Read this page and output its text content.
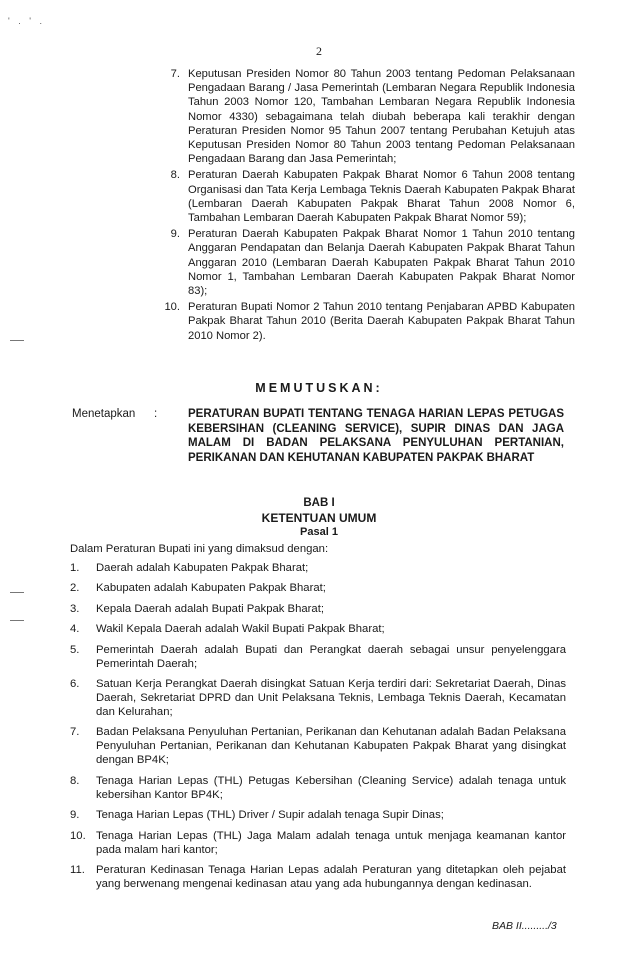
' . ' .
2
7. Keputusan Presiden Nomor 80 Tahun 2003 tentang Pedoman Pelaksanaan Pengadaan Barang / Jasa Pemerintah (Lembaran Negara Republik Indonesia Tahun 2003 Nomor 120, Tambahan Lembaran Negara Republik Indonesia Nomor 4330) sebagaimana telah diubah beberapa kali terakhir dengan Peraturan Presiden Nomor 95 Tahun 2007 tentang Perubahan Ketujuh atas Keputusan Presiden Nomor 80 Tahun 2003 tentang Pedoman Pelaksanaan Pengadaan Barang dan Jasa Pemerintah;
8. Peraturan Daerah Kabupaten Pakpak Bharat Nomor 6 Tahun 2008 tentang Organisasi dan Tata Kerja Lembaga Teknis Daerah Kabupaten Pakpak Bharat (Lembaran Daerah Kabupaten Pakpak Bharat Tahun 2008 Nomor 6, Tambahan Lembaran Daerah Kabupaten Pakpak Bharat Nomor 59);
9. Peraturan Daerah Kabupaten Pakpak Bharat Nomor 1 Tahun 2010 tentang Anggaran Pendapatan dan Belanja Daerah Kabupaten Pakpak Bharat Tahun Anggaran 2010 (Lembaran Daerah Kabupaten Pakpak Bharat Tahun 2010 Nomor 1, Tambahan Lembaran Daerah Kabupaten Pakpak Bharat Nomor 83);
10. Peraturan Bupati Nomor 2 Tahun 2010 tentang Penjabaran APBD Kabupaten Pakpak Bharat Tahun 2010 (Berita Daerah Kabupaten Pakpak Bharat Tahun 2010 Nomor 2).
MEMUTUSKAN:
Menetapkan :	PERATURAN BUPATI TENTANG TENAGA HARIAN LEPAS PETUGAS KEBERSIHAN (CLEANING SERVICE), SUPIR DINAS DAN JAGA MALAM DI BADAN PELAKSANA PENYULUHAN PERTANIAN, PERIKANAN DAN KEHUTANAN KABUPATEN PAKPAK BHARAT
BAB I
KETENTUAN UMUM
Pasal 1
Dalam Peraturan Bupati ini yang dimaksud dengan:
1.	Daerah adalah Kabupaten Pakpak Bharat;
2.	Kabupaten adalah Kabupaten Pakpak Bharat;
3.	Kepala Daerah adalah Bupati Pakpak Bharat;
4.	Wakil Kepala Daerah adalah Wakil Bupati Pakpak Bharat;
5.	Pemerintah Daerah adalah Bupati dan Perangkat daerah sebagai unsur penyelenggara Pemerintah Daerah;
6.	Satuan Kerja Perangkat Daerah disingkat Satuan Kerja terdiri dari: Sekretariat Daerah, Dinas Daerah, Sekretariat DPRD dan Unit Pelaksana Teknis, Lembaga Teknis Daerah, Kecamatan dan Kelurahan;
7.	Badan Pelaksana Penyuluhan Pertanian, Perikanan dan Kehutanan adalah Badan Pelaksana Penyuluhan Pertanian, Perikanan dan Kehutanan Kabupaten Pakpak Bharat yang disingkat dengan BP4K;
8.	Tenaga Harian Lepas (THL) Petugas Kebersihan (Cleaning Service) adalah tenaga untuk kebersihan Kantor BP4K;
9.	Tenaga Harian Lepas (THL) Driver / Supir adalah tenaga Supir Dinas;
10. Tenaga Harian Lepas (THL) Jaga Malam adalah tenaga untuk menjaga keamanan kantor pada malam hari kantor;
11. Peraturan Kedinasan Tenaga Harian Lepas adalah Peraturan yang ditetapkan oleh pejabat yang berwenang mengenai kedinasan atau yang ada hubungannya dengan kedinasan.
BAB II........./3
